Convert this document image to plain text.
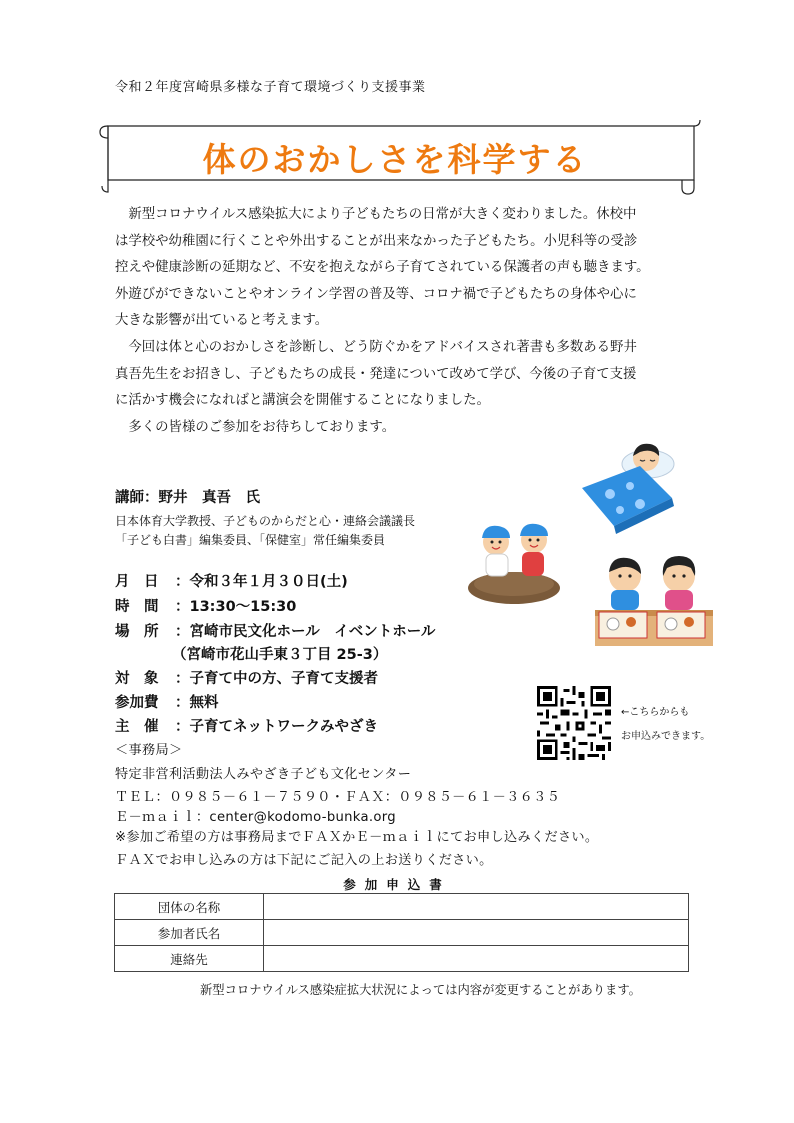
令和２年度宮崎県多様な子育て環境づくり支援事業
体のおかしさを科学する
新型コロナウイルス感染拡大により子どもたちの日常が大きく変わりました。休校中
は学校や幼稚園に行くことや外出することが出来なかった子どもたち。小児科等の受診
控えや健康診断の延期など、不安を抱えながら子育てされている保護者の声も聴きます。
外遊びができないことやオンライン学習の普及等、コロナ禍で子どもたちの身体や心に
大きな影響が出ていると考えます。
今回は体と心のおかしさを診断し、どう防ぐかをアドバイスされ著書も多数ある野井
真吾先生をお招きし、子どもたちの成長・発達について改めて学び、今後の子育て支援
に活かす機会になればと講演会を開催することになりました。
多くの皆様のご参加をお待ちしております。
講師：野井　真吾　氏
日本体育大学教授、子どものからだと心・連絡会議議長
「子ども白書」編集委員、「保健室」常任編集委員
月　日 ：令和３年１月３０日(土)
時　間 ：13:30～15:30
場　所 ：宮崎市民文化ホール　イベントホール
（宮崎市花山手東３丁目 25-3）
対　象 ：子育て中の方、子育て支援者
参加費 ：無料
主　催 ：子育てネットワークみやざき
＜事務局＞
特定非営利活動法人みやざき子ども文化センター
ＴＥＬ：０９８５－６１－７５９０・ＦＡＸ：０９８５－６１－３６３５
Ｅ－ｍａｉｌ：center@kodomo-bunka.org
※参加ご希望の方は事務局までＦＡＸかＥ－ｍａｉｌにてお申し込みください。
ＦＡＸでお申し込みの方は下記にご記入の上お送りください。
←こちらからも
お申込みできます。
参加申込書
団体の名称	
参加者氏名	
連絡先	
新型コロナウイルス感染症拡大状況によっては内容が変更することがあります。
